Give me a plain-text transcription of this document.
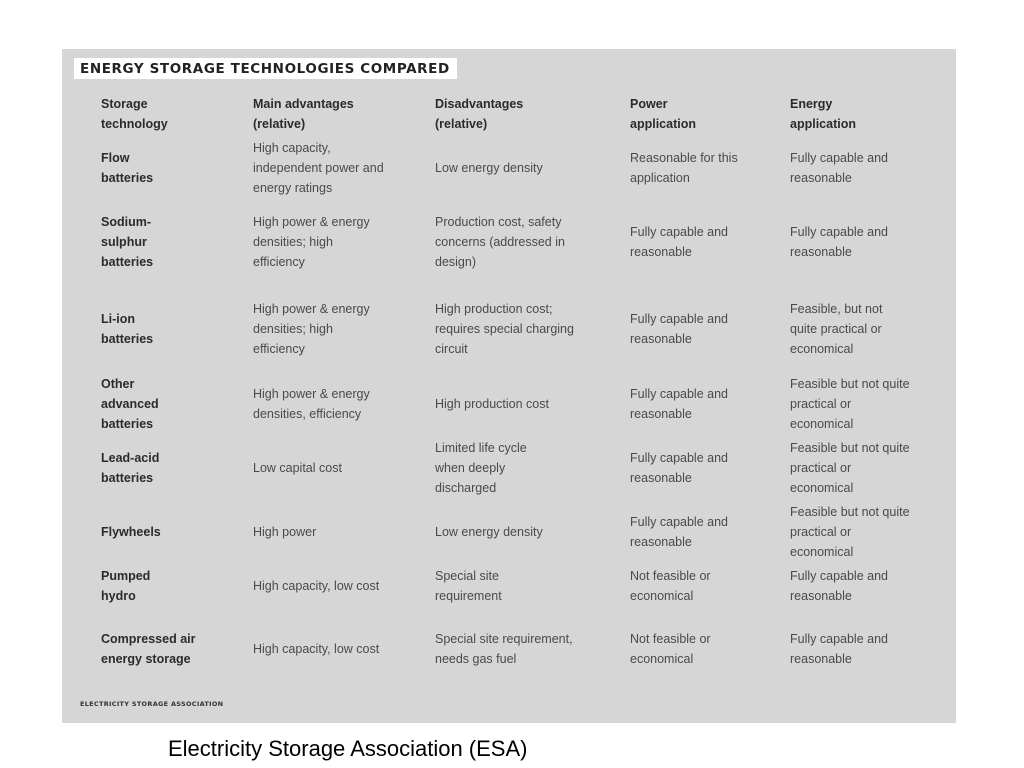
ENERGY STORAGE TECHNOLOGIES COMPARED
Storage technology
Main advantages (relative)
Disadvantages (relative)
Power application
Energy application
Flow batteries
High capacity, independent power and energy ratings
Low energy density
Reasonable for this application
Fully capable and reasonable
Sodium-sulphur batteries
High power & energy densities; high efficiency
Production cost, safety concerns (addressed in design)
Fully capable and reasonable
Fully capable and reasonable
Li-ion batteries
High power & energy densities; high efficiency
High production cost; requires special charging circuit
Fully capable and reasonable
Feasible, but not quite practical or economical
Other advanced batteries
High power & energy densities, efficiency
High production cost
Fully capable and reasonable
Feasible but not quite practical or economical
Lead-acid batteries
Low capital cost
Limited life cycle when deeply discharged
Fully capable and reasonable
Feasible but not quite practical or economical
Flywheels	High power	Low energy density
Fully capable and reasonable
Feasible but not quite practical or economical
Pumped hydro
High capacity, low cost
Special site requirement
Not feasible or economical
Fully capable and reasonable
Compressed air energy storage
High capacity, low cost
Special site requirement, needs gas fuel
Not feasible or economical
Fully capable and reasonable
ELECTRICITY STORAGE ASSOCIATION
Electricity Storage Association (ESA)
